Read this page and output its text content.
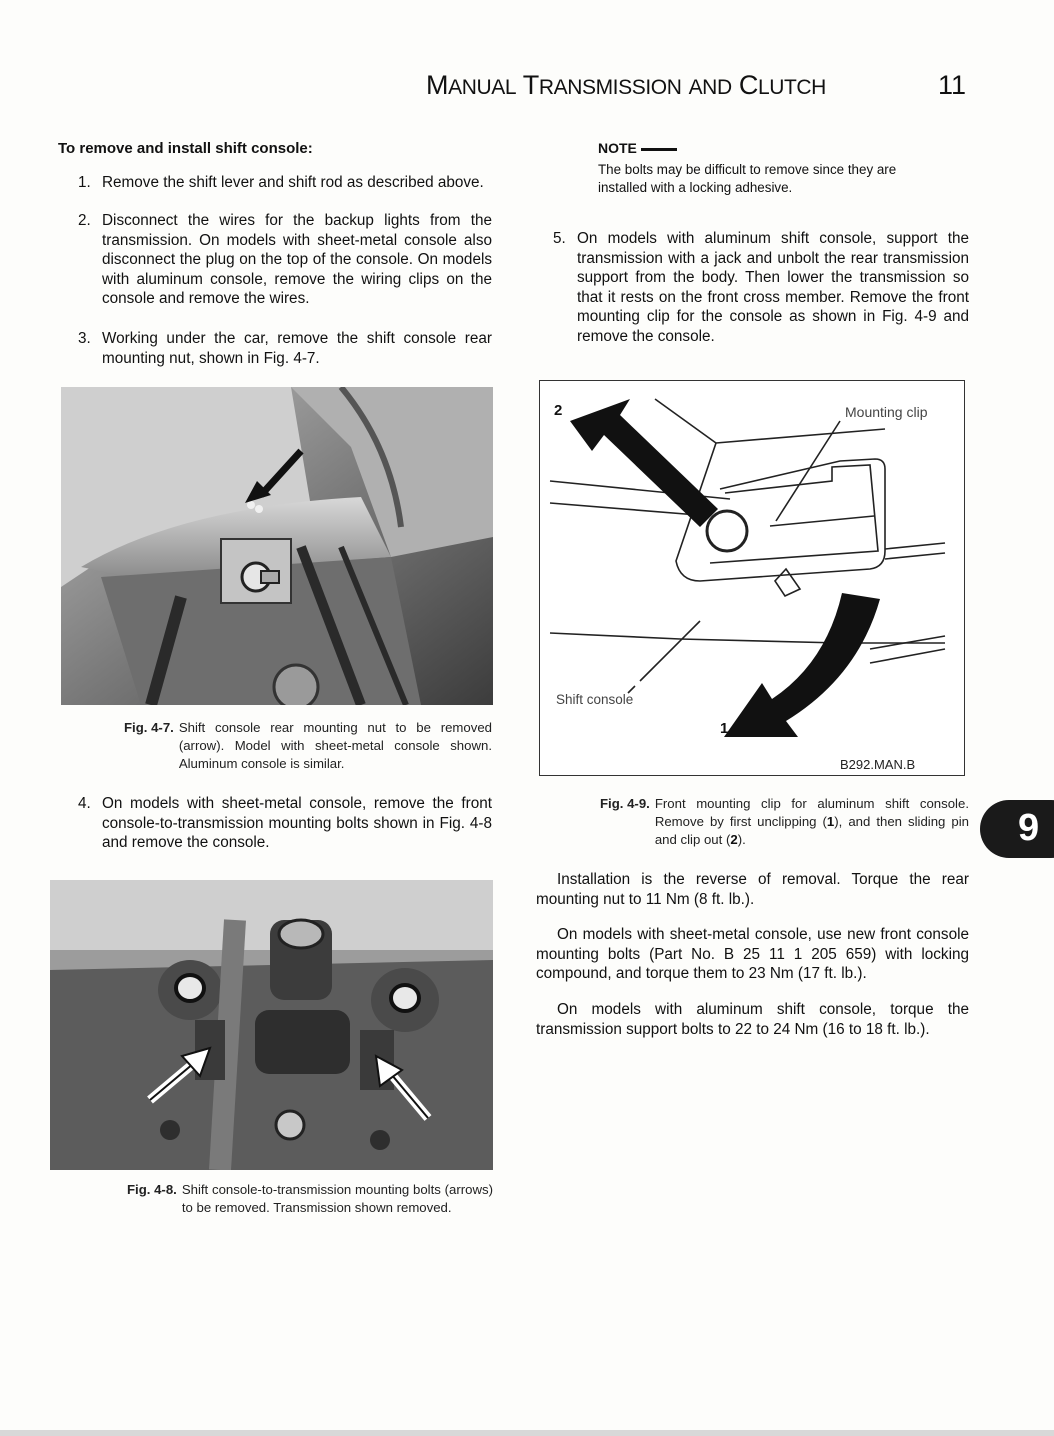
MANUAL TRANSMISSION AND CLUTCH	11
To remove and install shift console:
1. Remove the shift lever and shift rod as described above.
2. Disconnect the wires for the backup lights from the transmission. On models with sheet-metal console also disconnect the plug on the top of the console. On models with aluminum console, remove the wiring clips on the console and remove the wires.
3. Working under the car, remove the shift console rear mounting nut, shown in Fig. 4-7.
Fig. 4-7. Shift console rear mounting nut to be removed (arrow). Model with sheet-metal console shown. Aluminum console is similar.
4. On models with sheet-metal console, remove the front console-to-transmission mounting bolts shown in Fig. 4-8 and remove the console.
Fig. 4-8. Shift console-to-transmission mounting bolts (arrows) to be removed. Transmission shown removed.
NOTE
The bolts may be difficult to remove since they are installed with a locking adhesive.
5. On models with aluminum shift console, support the transmission with a jack and unbolt the rear transmission support from the body. Then lower the transmission so that it rests on the front cross member. Remove the front mounting clip for the console as shown in Fig. 4-9 and remove the console.
2
1
Mounting clip
Shift console
B292.MAN.B
Fig. 4-9. Front mounting clip for aluminum shift console. Remove by first unclipping (1), and then sliding pin and clip out (2).
Installation is the reverse of removal. Torque the rear mounting nut to 11 Nm (8 ft. lb.).
On models with sheet-metal console, use new front console mounting bolts (Part No. B 25 11 1 205 659) with locking compound, and torque them to 23 Nm (17 ft. lb.).
On models with aluminum shift console, torque the transmission support bolts to 22 to 24 Nm (16 to 18 ft. lb.).
9
